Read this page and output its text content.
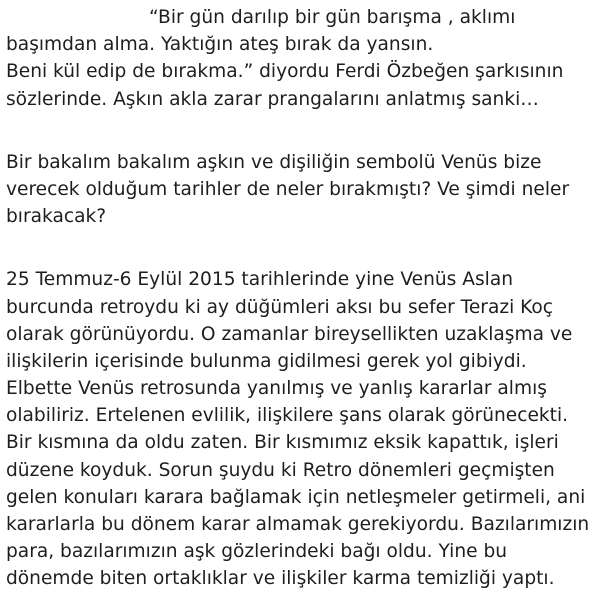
“Bir gün darılıp bir gün barışma , aklımı
başımdan alma. Yaktığın ateş bırak da yansın.
Beni kül edip de bırakma.” diyordu Ferdi Özbeğen şarkısının
sözlerinde. Aşkın akla zarar prangalarını anlatmış sanki…
Bir bakalım bakalım aşkın ve dişiliğin sembolü Venüs bize
verecek olduğum tarihler de neler bırakmıştı? Ve şimdi neler
bırakacak?
25 Temmuz-6 Eylül 2015 tarihlerinde yine Venüs Aslan
burcunda retroydu ki ay düğümleri aksı bu sefer Terazi Koç
olarak görünüyordu. O zamanlar bireysellikten uzaklaşma ve
ilişkilerin içerisinde bulunma gidilmesi gerek yol gibiydi.
Elbette Venüs retrosunda yanılmış ve yanlış kararlar almış
olabiliriz. Ertelenen evlilik, ilişkilere şans olarak görünecekti.
Bir kısmına da oldu zaten. Bir kısmımız eksik kapattık, işleri
düzene koyduk. Sorun şuydu ki Retro dönemleri geçmişten
gelen konuları karara bağlamak için netleşmeler getirmeli, ani
kararlarla bu dönem karar almamak gerekiyordu. Bazılarımızın
para, bazılarımızın aşk gözlerindeki bağı oldu. Yine bu
dönemde biten ortaklıklar ve ilişkiler karma temizliği yaptı.
